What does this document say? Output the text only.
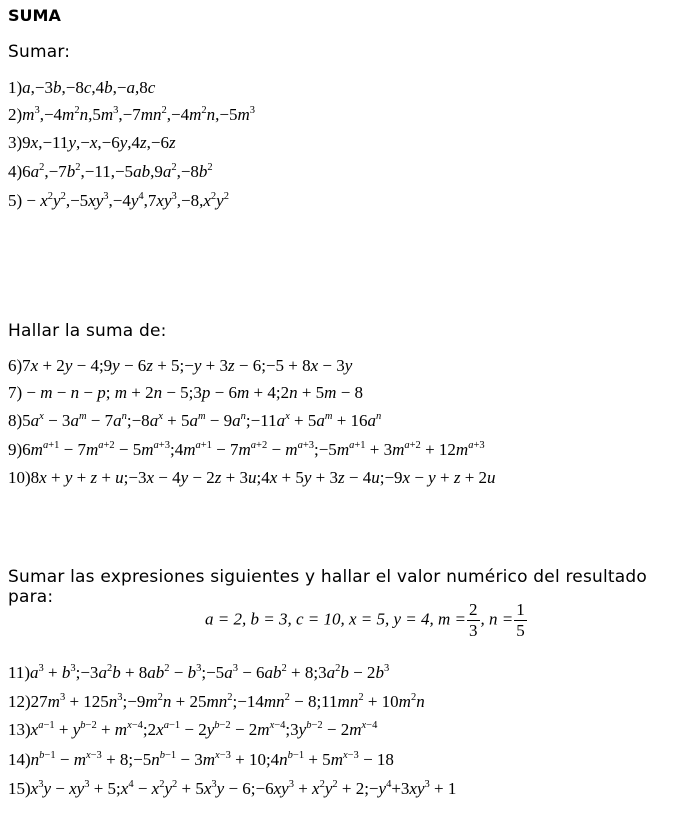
SUMA
Sumar:
1)a,−3b,−8c,4b,−a,8c
$2)m^3,-4m^2n,5m^3,-7mn^2,-4m^2n,-5m^3$
3)9x,−11y,−x,−6y,4z,−6z
$4)6a^2,-7b^2,-11,-5ab,9a^2,-8b^2$
$5) - x^2y^2,-5xy^3,-4y^4,7xy^3,-8,x^2y^2$
Hallar la suma de:
6)7x + 2y − 4;9y − 6z + 5;−y + 3z − 6;−5 + 8x − 3y
7) − m − n − p; m + 2n − 5;3p − 6m + 4;2n + 5m − 8
$8)5a^x - 3a^m$ − $7a^n;-8a^x + 5a^m$ − $9a^n;-11a^x + 5a^m + 16a^n$
$9)6m^{a+1} - 7m^{a+2}$ − $5m^{a+3};4m^{a+1} - 7m^{a+2}$ − $m^{a+3};-5m^{a+1} + 3m^{a+2} + 12m^{a+3}$
10)8x + y + z + u;−3x − 4y − 2z + 3u;4x + 5y + 3z − 4u;−9x − y + z + 2u
Sumar las expresiones siguientes y hallar el valor numérico del resultado para:
a = 2, b = 3, c = 10, x = 5, y = 4, $m = \frac{2}{3}$ , $n = \frac{1}{5}$
$11)a^3$ + $b^3;-3a^2b + 8ab^2$ − $b^3;-5a^3 - 6ab^2$ + $8;3a^2b - 2b^3$
$12)27m^3$ + $125n^3;-9m^2n$ + $25mn^2;-14mn^2$ − $8;11mn^2 + 10m^2n$
$13)x^{a-1} + y^{b-2}$ + $m^{x-4};2x^{a-1} - 2y^{b-2}$ − $2m^{x-4};3y^{b-2} - 2m^{x-4}$
$14)n^{b-1} - m^{x-3}$ + $8;-5n^{b-1} - 3m^{x-3}$ + $10;4n^{b-1} + 5m^{x-3} - 18$
$15)x^3y - xy^3$ + $5;x^4 - x^2y^2 + 5x^3y$ − $6;-6xy^3 + x^2y^2$ + $2;-y^4+3xy^3 + 1$
